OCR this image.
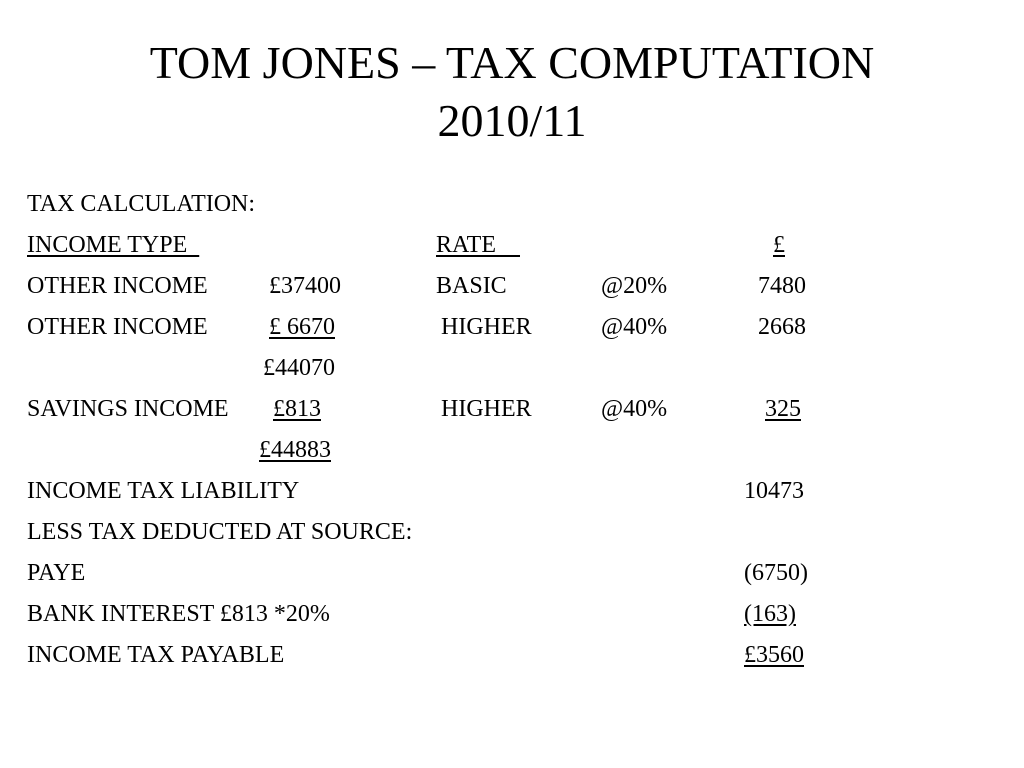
TOM JONES – TAX COMPUTATION
2010/11
TAX CALCULATION:
INCOME TYPE	RATE	£
OTHER INCOME	£37400	BASIC	@20%	7480
OTHER INCOME	£ 6670	HIGHER	@40%	2668
£44070
SAVINGS INCOME £813	HIGHER	@40%	325
£44883
INCOME TAX LIABILITY	10473
LESS TAX DEDUCTED AT SOURCE:
PAYE	(6750)
BANK INTEREST £813 *20%	(163)
INCOME TAX PAYABLE	£3560
